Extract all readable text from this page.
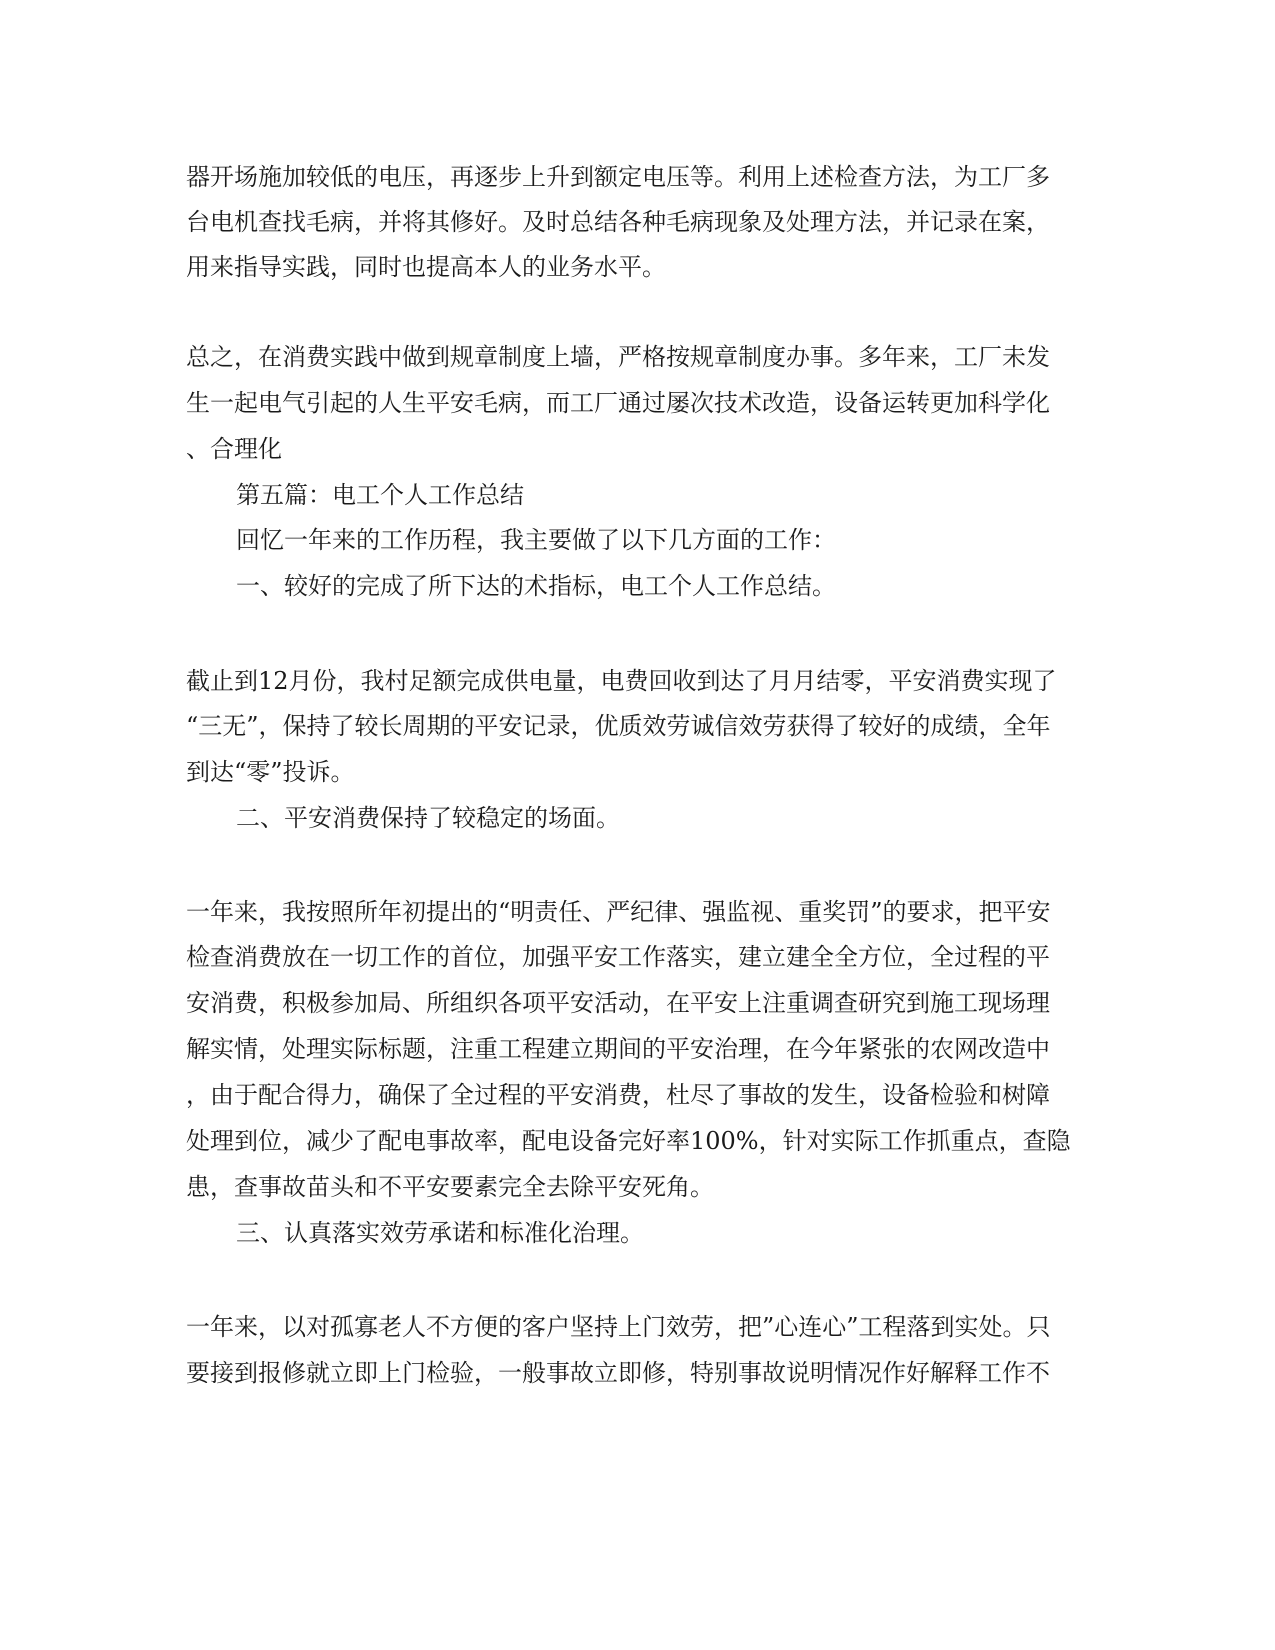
器开场施加较低的电压，再逐步上升到额定电压等。利用上述检查方法，为工厂多

台电机查找毛病，并将其修好。及时总结各种毛病现象及处理方法，并记录在案，

用来指导实践，同时也提高本人的业务水平。

总之，在消费实践中做到规章制度上墙，严格按规章制度办事。多年来，工厂未发

生一起电气引起的人生平安毛病，而工厂通过屡次技术改造，设备运转更加科学化

、合理化

第五篇：电工个人工作总结

回忆一年来的工作历程，我主要做了以下几方面的工作：

一、较好的完成了所下达的术指标，电工个人工作总结。

截止到12月份，我村足额完成供电量，电费回收到达了月月结零，平安消费实现了

“三无”，保持了较长周期的平安记录，优质效劳诚信效劳获得了较好的成绩，全年

到达“零”投诉。

二、平安消费保持了较稳定的场面。

一年来，我按照所年初提出的“明责任、严纪律、强监视、重奖罚”的要求，把平安

检查消费放在一切工作的首位，加强平安工作落实，建立建全全方位，全过程的平

安消费，积极参加局、所组织各项平安活动，在平安上注重调查研究到施工现场理

解实情，处理实际标题，注重工程建立期间的平安治理，在今年紧张的农网改造中

，由于配合得力，确保了全过程的平安消费，杜尽了事故的发生，设备检验和树障

处理到位，减少了配电事故率，配电设备完好率100%，针对实际工作抓重点，查隐

患，查事故苗头和不平安要素完全去除平安死角。

三、认真落实效劳承诺和标准化治理。

一年来，以对孤寡老人不方便的客户坚持上门效劳，把”心连心”工程落到实处。只

要接到报修就立即上门检验，一般事故立即修，特别事故说明情况作好解释工作不
